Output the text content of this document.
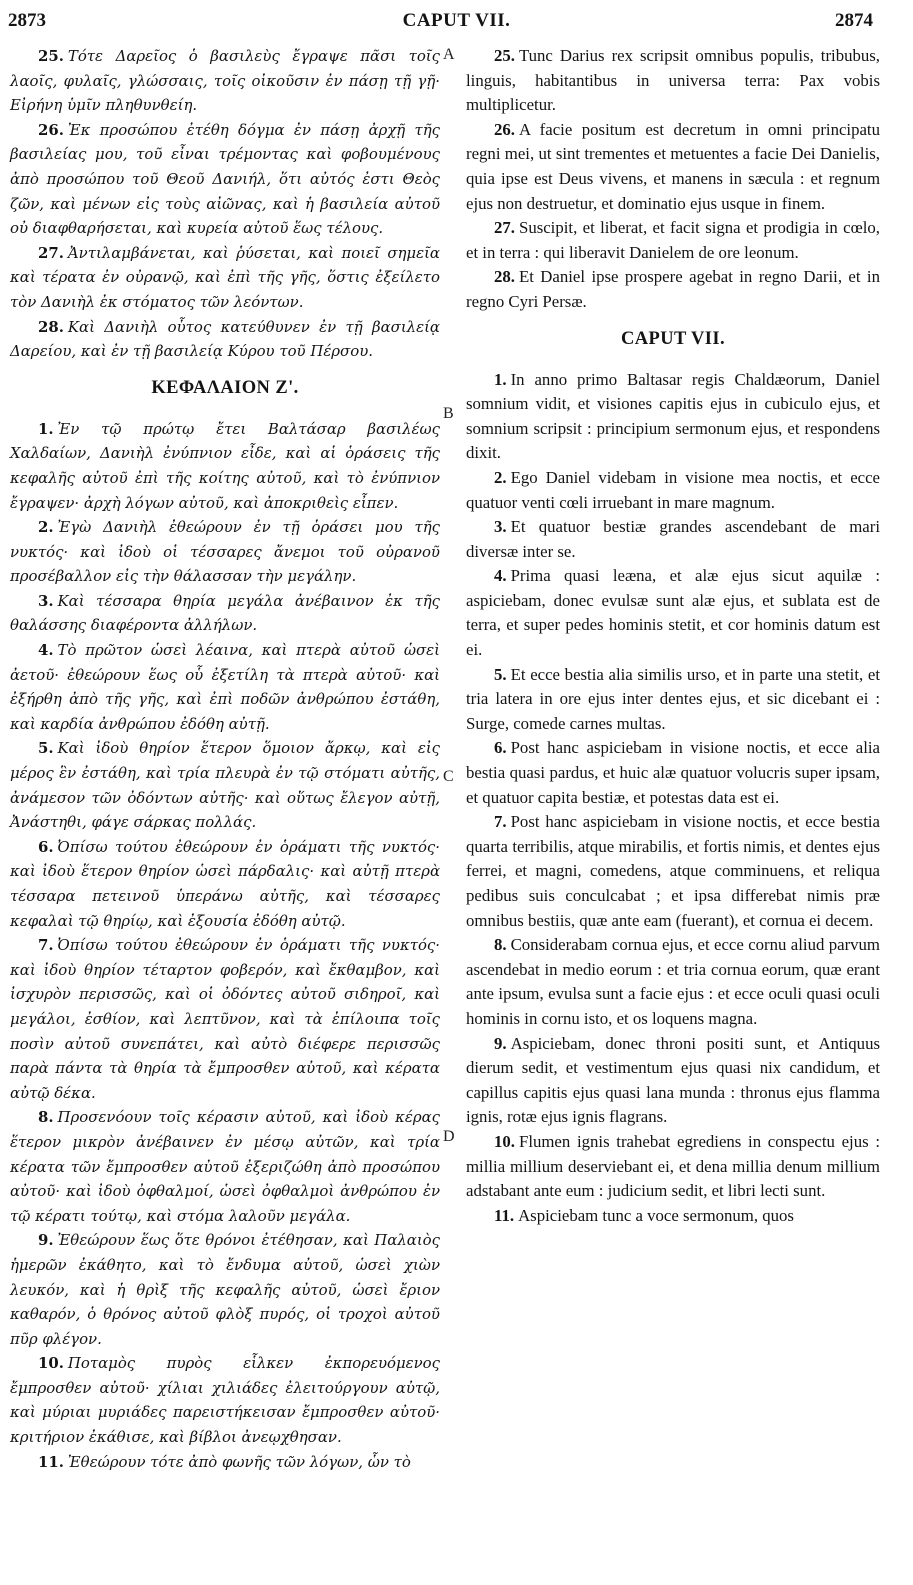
2873	CAPUT VII.	2874
A
B
C
D

25. Τότε Δαρεῖος ὁ βασιλεὺς ἔγραψε πᾶσι τοῖς λαοῖς, φυλαῖς, γλώσσαις, τοῖς οἰκοῦσιν ἐν πάσῃ τῇ γῇ· Εἰρήνη ὑμῖν πληθυνθείη.

26. Ἐκ προσώπου ἐτέθη δόγμα ἐν πάσῃ ἀρχῇ τῆς βασιλείας μου, τοῦ εἶναι τρέμοντας καὶ φοβουμένους ἀπὸ προσώπου τοῦ Θεοῦ Δανιήλ, ὅτι αὐτός ἐστι Θεὸς ζῶν, καὶ μένων εἰς τοὺς αἰῶνας, καὶ ἡ βασιλεία αὐτοῦ οὐ διαφθαρήσεται, καὶ κυρεία αὐτοῦ ἕως τέλους.

27. Ἀντιλαμβάνεται, καὶ ῥύσεται, καὶ ποιεῖ σημεῖα καὶ τέρατα ἐν οὐρανῷ, καὶ ἐπὶ τῆς γῆς, ὅστις ἐξείλετο τὸν Δανιὴλ ἐκ στόματος τῶν λεόντων.

28. Καὶ Δανιὴλ οὗτος κατεύθυνεν ἐν τῇ βασιλείᾳ Δαρείου, καὶ ἐν τῇ βασιλείᾳ Κύρου τοῦ Πέρσου.

ΚΕΦΑΛΑΙΟΝ Ζ'.

1. Ἐν τῷ πρώτῳ ἔτει Βαλτάσαρ βασιλέως Χαλδαίων, Δανιὴλ ἐνύπνιον εἶδε, καὶ αἱ ὁράσεις τῆς κεφαλῆς αὐτοῦ ἐπὶ τῆς κοίτης αὐτοῦ, καὶ τὸ ἐνύπνιον ἔγραψεν· ἀρχὴ λόγων αὐτοῦ, καὶ ἀποκριθεὶς εἶπεν.

2. Ἐγὼ Δανιὴλ ἐθεώρουν ἐν τῇ ὁράσει μου τῆς νυκτός· καὶ ἰδοὺ οἱ τέσσαρες ἄνεμοι τοῦ οὐρανοῦ προσέβαλλον εἰς τὴν θάλασσαν τὴν μεγάλην.

3. Καὶ τέσσαρα θηρία μεγάλα ἀνέβαινον ἐκ τῆς θαλάσσης διαφέροντα ἀλλήλων.

4. Τὸ πρῶτον ὡσεὶ λέαινα, καὶ πτερὰ αὐτοῦ ὡσεὶ ἀετοῦ· ἐθεώρουν ἕως οὗ ἐξετίλη τὰ πτερὰ αὐτοῦ· καὶ ἐξήρθη ἀπὸ τῆς γῆς, καὶ ἐπὶ ποδῶν ἀνθρώπου ἐστάθη, καὶ καρδία ἀνθρώπου ἐδόθη αὐτῇ.

5. Καὶ ἰδοὺ θηρίον ἕτερον ὅμοιον ἄρκῳ, καὶ εἰς μέρος ἓν ἐστάθη, καὶ τρία πλευρὰ ἐν τῷ στόματι αὐτῆς, ἀνάμεσον τῶν ὀδόντων αὐτῆς· καὶ οὕτως ἔλεγον αὐτῇ, Ἀνάστηθι, φάγε σάρκας πολλάς.

6. Ὀπίσω τούτου ἐθεώρουν ἐν ὁράματι τῆς νυκτός· καὶ ἰδοὺ ἕτερον θηρίον ὡσεὶ πάρδαλις· καὶ αὐτῇ πτερὰ τέσσαρα πετεινοῦ ὑπεράνω αὐτῆς, καὶ τέσσαρες κεφαλαὶ τῷ θηρίῳ, καὶ ἐξουσία ἐδόθη αὐτῷ.

7. Ὀπίσω τούτου ἐθεώρουν ἐν ὁράματι τῆς νυκτός· καὶ ἰδοὺ θηρίον τέταρτον φοβερόν, καὶ ἔκθαμβον, καὶ ἰσχυρὸν περισσῶς, καὶ οἱ ὀδόντες αὐτοῦ σιδηροῖ, καὶ μεγάλοι, ἐσθίον, καὶ λεπτῦνον, καὶ τὰ ἐπίλοιπα τοῖς ποσὶν αὐτοῦ συνεπάτει, καὶ αὐτὸ διέφερε περισσῶς παρὰ πάντα τὰ θηρία τὰ ἔμπροσθεν αὐτοῦ, καὶ κέρατα αὐτῷ δέκα.

8. Προσενόουν τοῖς κέρασιν αὐτοῦ, καὶ ἰδοὺ κέρας ἕτερον μικρὸν ἀνέβαινεν ἐν μέσῳ αὐτῶν, καὶ τρία κέρατα τῶν ἔμπροσθεν αὐτοῦ ἐξεριζώθη ἀπὸ προσώπου αὐτοῦ· καὶ ἰδοὺ ὀφθαλμοί, ὡσεὶ ὀφθαλμοὶ ἀνθρώπου ἐν τῷ κέρατι τούτῳ, καὶ στόμα λαλοῦν μεγάλα.

9. Ἐθεώρουν ἕως ὅτε θρόνοι ἐτέθησαν, καὶ Παλαιὸς ἡμερῶν ἐκάθητο, καὶ τὸ ἔνδυμα αὐτοῦ, ὡσεὶ χιὼν λευκόν, καὶ ἡ θρὶξ τῆς κεφαλῆς αὐτοῦ, ὡσεὶ ἔριον καθαρόν, ὁ θρόνος αὐτοῦ φλὸξ πυρός, οἱ τροχοὶ αὐτοῦ πῦρ φλέγον.

10. Ποταμὸς πυρὸς εἷλκεν ἐκπορευόμενος ἔμπροσθεν αὐτοῦ· χίλιαι χιλιάδες ἐλειτούργουν αὐτῷ, καὶ μύριαι μυριάδες παρειστήκεισαν ἔμπροσθεν αὐτοῦ· κριτήριον ἐκάθισε, καὶ βίβλοι ἀνεῳχθησαν.

11. Ἐθεώρουν τότε ἀπὸ φωνῆς τῶν λόγων, ὧν τὸ

25. Tunc Darius rex scripsit omnibus populis, tribubus, linguis, habitantibus in universa terra: Pax vobis multiplicetur.

26. A facie positum est decretum in omni principatu regni mei, ut sint trementes et metuentes a facie Dei Danielis, quia ipse est Deus vivens, et manens in sæcula : et regnum ejus non destruetur, et dominatio ejus usque in finem.

27. Suscipit, et liberat, et facit signa et prodigia in cœlo, et in terra : qui liberavit Danielem de ore leonum.

28. Et Daniel ipse prospere agebat in regno Darii, et in regno Cyri Persæ.

CAPUT VII.

1. In anno primo Baltasar regis Chaldæorum, Daniel somnium vidit, et visiones capitis ejus in cubiculo ejus, et somnium scripsit : principium sermonum ejus, et respondens dixit.

2. Ego Daniel videbam in visione mea noctis, et ecce quatuor venti cœli irruebant in mare magnum.

3. Et quatuor bestiæ grandes ascendebant de mari diversæ inter se.

4. Prima quasi leæna, et alæ ejus sicut aquilæ : aspiciebam, donec evulsæ sunt alæ ejus, et sublata est de terra, et super pedes hominis stetit, et cor hominis datum est ei.

5. Et ecce bestia alia similis urso, et in parte una stetit, et tria latera in ore ejus inter dentes ejus, et sic dicebant ei : Surge, comede carnes multas.

6. Post hanc aspiciebam in visione noctis, et ecce alia bestia quasi pardus, et huic alæ quatuor volucris super ipsam, et quatuor capita bestiæ, et potestas data est ei.

7. Post hanc aspiciebam in visione noctis, et ecce bestia quarta terribilis, atque mirabilis, et fortis nimis, et dentes ejus ferrei, et magni, comedens, atque comminuens, et reliqua pedibus suis conculcabat ; et ipsa differebat nimis præ omnibus bestiis, quæ ante eam (fuerant), et cornua ei decem.

8. Considerabam cornua ejus, et ecce cornu aliud parvum ascendebat in medio eorum : et tria cornua eorum, quæ erant ante ipsum, evulsa sunt a facie ejus : et ecce oculi quasi oculi hominis in cornu isto, et os loquens magna.

9. Aspiciebam, donec throni positi sunt, et Antiquus dierum sedit, et vestimentum ejus quasi nix candidum, et capillus capitis ejus quasi lana munda : thronus ejus flamma ignis, rotæ ejus ignis flagrans.

10. Flumen ignis trahebat egrediens in conspectu ejus : millia millium deserviebant ei, et dena millia denum millium adstabant ante eum : judicium sedit, et libri lecti sunt.

11. Aspiciebam tunc a voce sermonum, quos
